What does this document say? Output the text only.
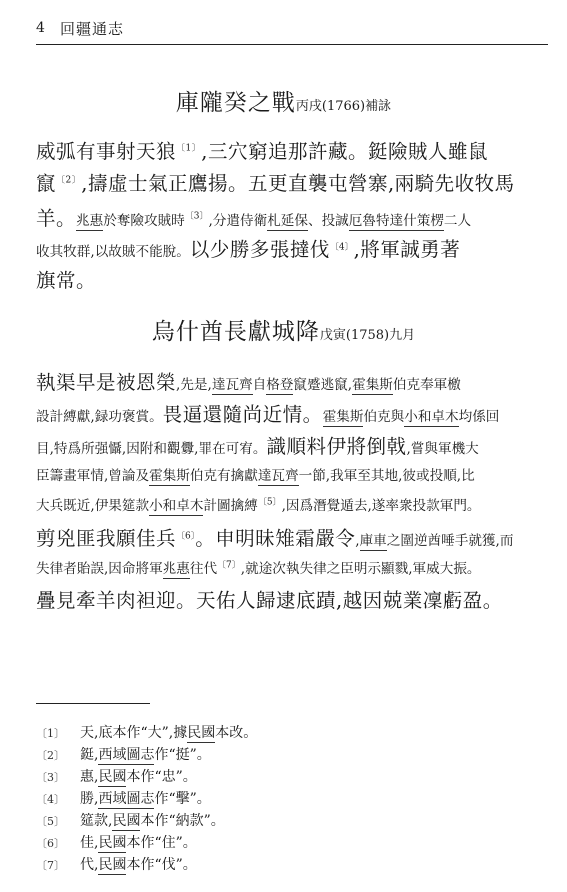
4 回疆通志
庫隴癸之戰丙戌(1766)補詠
威弧有事射天狼$^{〔1〕}$,三穴窮追那許藏。鋌險賊人雖鼠
竄$^{〔2〕}$,擣虛士氣正鷹揚。五更直襲屯營寨,兩騎先收牧馬
羊。兆惠於奪險攻賊時$^{〔3〕}$,分遣侍衛札延保、投誠厄魯特達什策楞二人
收其牧群,以故賊不能脫。以少勝多張撻伐$^{〔4〕}$,將軍誠勇著
旗常。
烏什酋長獻城降戊寅(1758)九月
執渠早是被恩榮,先是,達瓦齊自格登竄蹙逃竄,霍集斯伯克奉軍檄
設計縛獻,録功褒賞。畏逼還隨尚近情。霍集斯伯克與小和卓木均係回
目,特爲所强懾,因附和觀釁,罪在可宥。識順料伊將倒戟,嘗與軍機大
臣籌畫軍情,曾論及霍集斯伯克有擒獻達瓦齊一節,我軍至其地,彼或投順,比
大兵既近,伊果筵款小和卓木計圖擒縛$^{〔5〕}$,因爲潛覺遁去,遂率衆投款軍門。
剪兇匪我願佳兵$^{〔6〕}$。申明昧雉霜嚴令,庫車之圍逆酋唾手就獲,而
失律者貽誤,因命將軍兆惠往代$^{〔7〕}$,就途次執失律之臣明示顯戮,軍威大振。
疊見牽羊肉袒迎。天佑人歸逮底蹟,越因兢業凜虧盈。
〔1〕 天,底本作“大”,據民國本改。
〔2〕 鋌,西域圖志作“挺”。
〔3〕 惠,民國本作“忠”。
〔4〕 勝,西域圖志作“擊”。
〔5〕 筵款,民國本作“納款”。
〔6〕 佳,民國本作“住”。
〔7〕 代,民國本作“伐”。
